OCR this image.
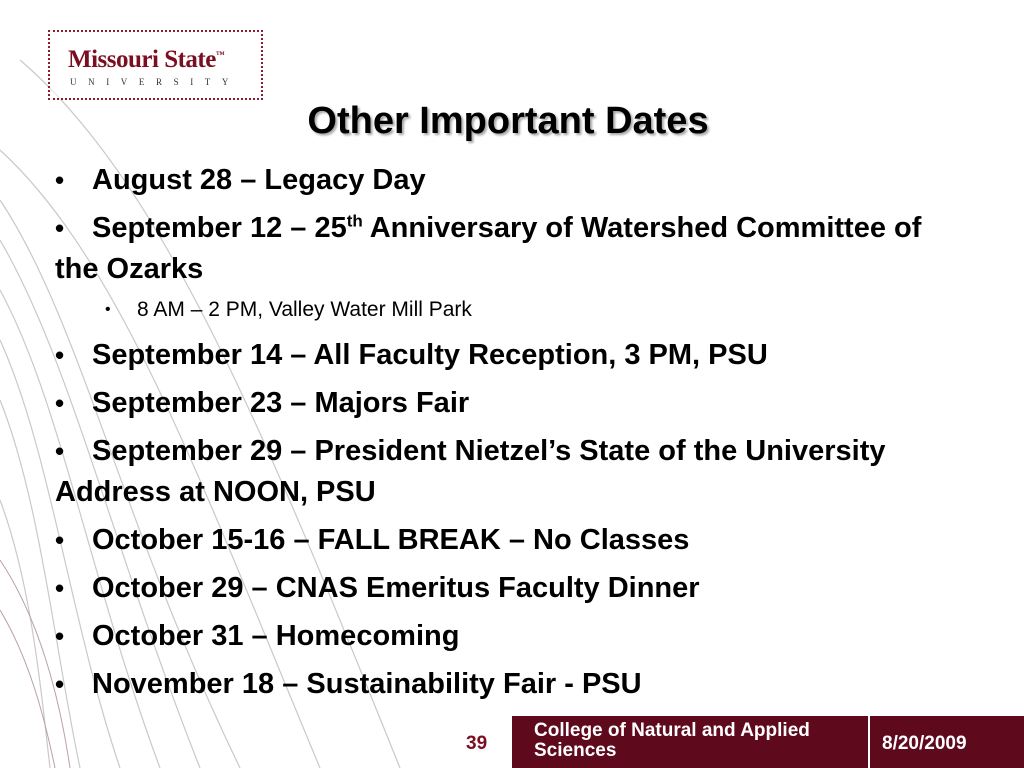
Missouri State™
UNIVERSITY
Other Important Dates
• August 28 – Legacy Day
• September 12 – 25th Anniversary of Watershed Committee of the Ozarks
• 8 AM – 2 PM, Valley Water Mill Park
• September 14 – All Faculty Reception, 3 PM, PSU
• September 23 – Majors Fair
• September 29 – President Nietzel’s State of the University Address at NOON, PSU
• October 15-16 – FALL BREAK – No Classes
• October 29 – CNAS Emeritus Faculty Dinner
• October 31 – Homecoming
• November 18 – Sustainability Fair - PSU
39
College of Natural and Applied Sciences	8/20/2009
